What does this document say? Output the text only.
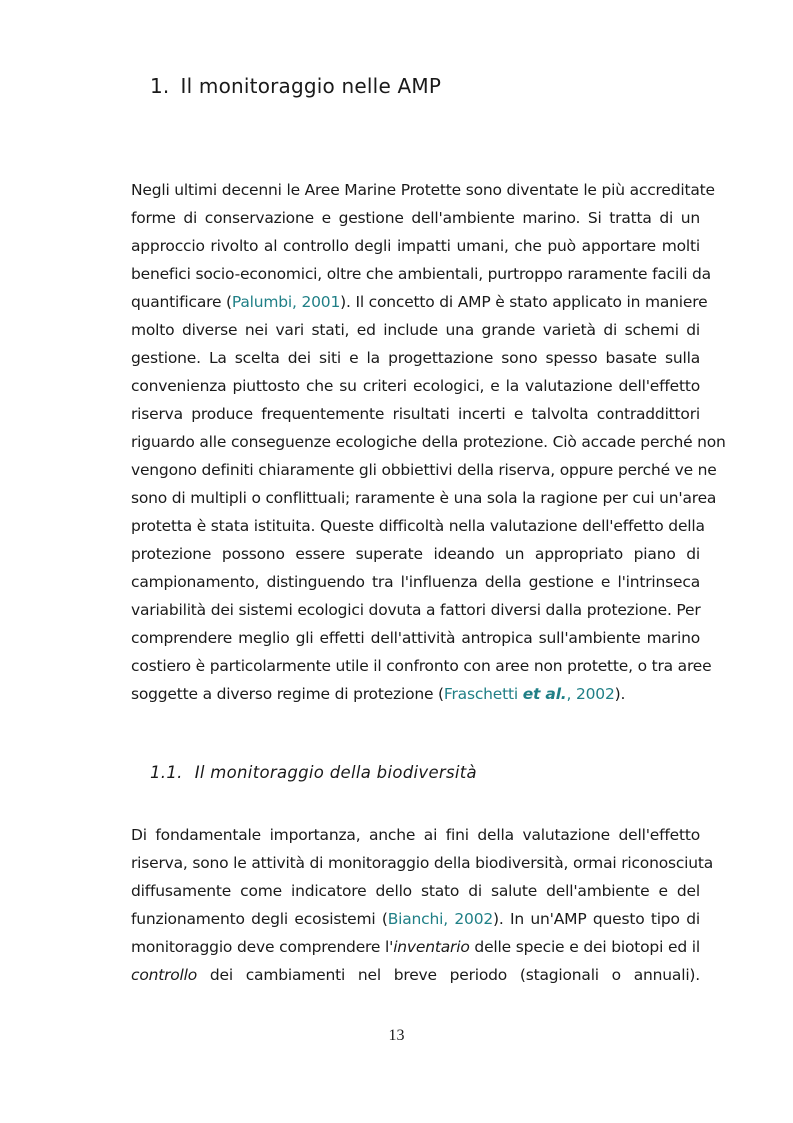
1. Il monitoraggio nelle AMP
Negli ultimi decenni le Aree Marine Protette sono diventate le più accreditate
forme di conservazione e gestione dell'ambiente marino. Si tratta di un
approccio rivolto al controllo degli impatti umani, che può apportare molti
benefici socio-economici, oltre che ambientali, purtroppo raramente facili da
quantificare (Palumbi, 2001). Il concetto di AMP è stato applicato in maniere
molto diverse nei vari stati, ed include una grande varietà di schemi di
gestione. La scelta dei siti e la progettazione sono spesso basate sulla
convenienza piuttosto che su criteri ecologici, e la valutazione dell'effetto
riserva produce frequentemente risultati incerti e talvolta contraddittori
riguardo alle conseguenze ecologiche della protezione. Ciò accade perché non
vengono definiti chiaramente gli obbiettivi della riserva, oppure perché ve ne
sono di multipli o conflittuali; raramente è una sola la ragione per cui un'area
protetta è stata istituita. Queste difficoltà nella valutazione dell'effetto della
protezione possono essere superate ideando un appropriato piano di
campionamento, distinguendo tra l'influenza della gestione e l'intrinseca
variabilità dei sistemi ecologici dovuta a fattori diversi dalla protezione. Per
comprendere meglio gli effetti dell'attività antropica sull'ambiente marino
costiero è particolarmente utile il confronto con aree non protette, o tra aree
soggette a diverso regime di protezione (Fraschetti et al., 2002).
1.1. Il monitoraggio della biodiversità
Di fondamentale importanza, anche ai fini della valutazione dell'effetto
riserva, sono le attività di monitoraggio della biodiversità, ormai riconosciuta
diffusamente come indicatore dello stato di salute dell'ambiente e del
funzionamento degli ecosistemi (Bianchi, 2002). In un'AMP questo tipo di
monitoraggio deve comprendere l'inventario delle specie e dei biotopi ed il
controllo dei cambiamenti nel breve periodo (stagionali o annuali).
13
